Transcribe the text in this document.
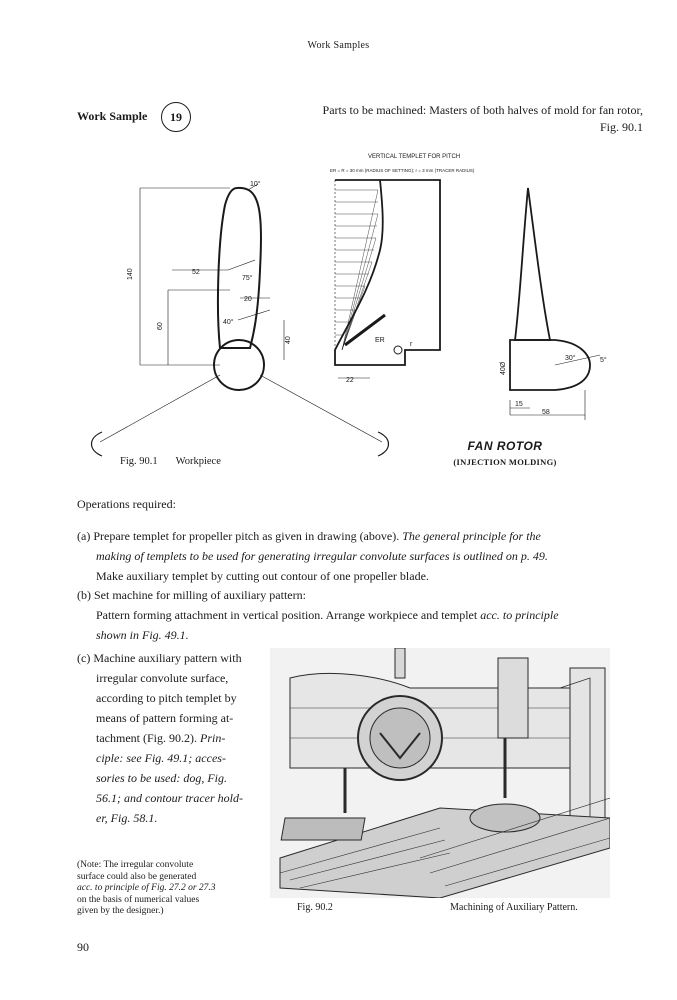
Work Samples
Work Sample 19	Parts to be machined: Masters of both halves of mold for fan rotor,
Fig. 90.1
140
60
52
75°
20
40°
40
10°
VERTICAL TEMPLET FOR PITCH
ER = R = 30 mm (RADIUS OF SETTING); r = 3 mm (TRACER RADIUS)
22
ER
r
40Ø
30°	5°
15
58
Fig. 90.1 Workpiece
FAN ROTOR
(INJECTION MOLDING)
Operations required:
(a) Prepare templet for propeller pitch as given in drawing (above). The general principle for the
making of templets to be used for generating irregular convolute surfaces is outlined on p. 49.
Make auxiliary templet by cutting out contour of one propeller blade.
(b) Set machine for milling of auxiliary pattern:
Pattern forming attachment in vertical position. Arrange workpiece and templet acc. to principle
shown in Fig. 49.1.
(c) Machine auxiliary pattern with
irregular convolute surface,
according to pitch templet by
means of pattern forming at-
tachment (Fig. 90.2). Prin-
ciple: see Fig. 49.1; acces-
sories to be used: dog, Fig.
56.1; and contour tracer hold-
er, Fig. 58.1.
(Note: The irregular convolute
surface could also be generated
acc. to principle of Fig. 27.2 or 27.3
on the basis of numerical values
given by the designer.)	Fig. 90.2	Machining of Auxiliary Pattern.
90
